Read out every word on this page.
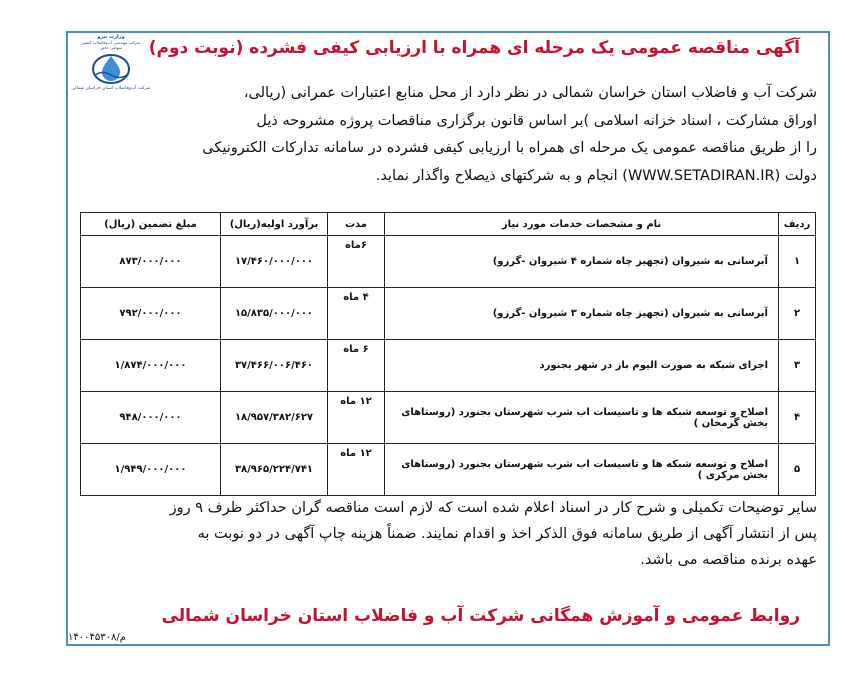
وزارت نیرو
شرکت مهندسی آب‌وفاضلاب کشور
سهامی خاص
شرکت آب‌وفاضلاب استان خراسان شمالی
آگهی مناقصه عمومی یک مرحله ای همراه با ارزیابی کیفی فشرده (نوبت دوم)
شرکت آب و فاضلاب استان خراسان شمالی در نظر دارد از محل منابع اعتبارات عمرانی (ریالی،
اوراق مشارکت ، اسناد خزانه اسلامی )بر اساس قانون برگزاری مناقصات پروژه مشروحه ذیل
را از طریق مناقصه عمومی یک مرحله ای همراه با ارزیابی کیفی فشرده در سامانه تدارکات الکترونیکی
دولت (WWW.SETADIRAN.IR) انجام و به شرکتهای ذیصلاح واگذار نماید.
ردیف	نام و مشخصات خدمات مورد نیاز	مدت	برآورد اولیه(ریال)	مبلغ تضمین (ریال)
۱	آبرسانی به شیروان (تجهیز چاه شماره ۴ شیروان -گرزو)	۶ماه	۱۷/۴۶۰/۰۰۰/۰۰۰	۸۷۳/۰۰۰/۰۰۰
۲	آبرسانی به شیروان (تجهیز چاه شماره ۳ شیروان -گرزو)	۴ ماه	۱۵/۸۳۵/۰۰۰/۰۰۰	۷۹۲/۰۰۰/۰۰۰
۳	اجرای شبکه به صورت الیوم باز در شهر بجنورد	۶ ماه	۳۷/۴۶۶/۰۰۶/۴۶۰	۱/۸۷۴/۰۰۰/۰۰۰
۴	اصلاح و توسعه شبکه ها و تاسیسات اب شرب شهرستان بجنورد (روستاهای بخش گرمخان )	۱۲ ماه	۱۸/۹۵۷/۳۸۲/۶۲۷	۹۴۸/۰۰۰/۰۰۰
۵	اصلاح و توسعه شبکه ها و تاسیسات اب شرب شهرستان بجنورد (روستاهای بخش مرکزی )	۱۲ ماه	۳۸/۹۶۵/۲۲۴/۷۴۱	۱/۹۴۹/۰۰۰/۰۰۰
سایر توضیحات تکمیلی و شرح کار در اسناد اعلام شده است که لازم است مناقصه گران حداکثر ظرف ۹ روز
پس از انتشار آگهی از طریق سامانه فوق الذکر اخذ و اقدام نمایند. ضمناً هزینه چاپ آگهی در دو نوبت به
عهده برنده مناقصه می باشد.
روابط عمومی و آموزش همگانی شرکت آب و فاضلاب استان خراسان شمالی
م/۱۴۰۰۴۵۳۰۸
